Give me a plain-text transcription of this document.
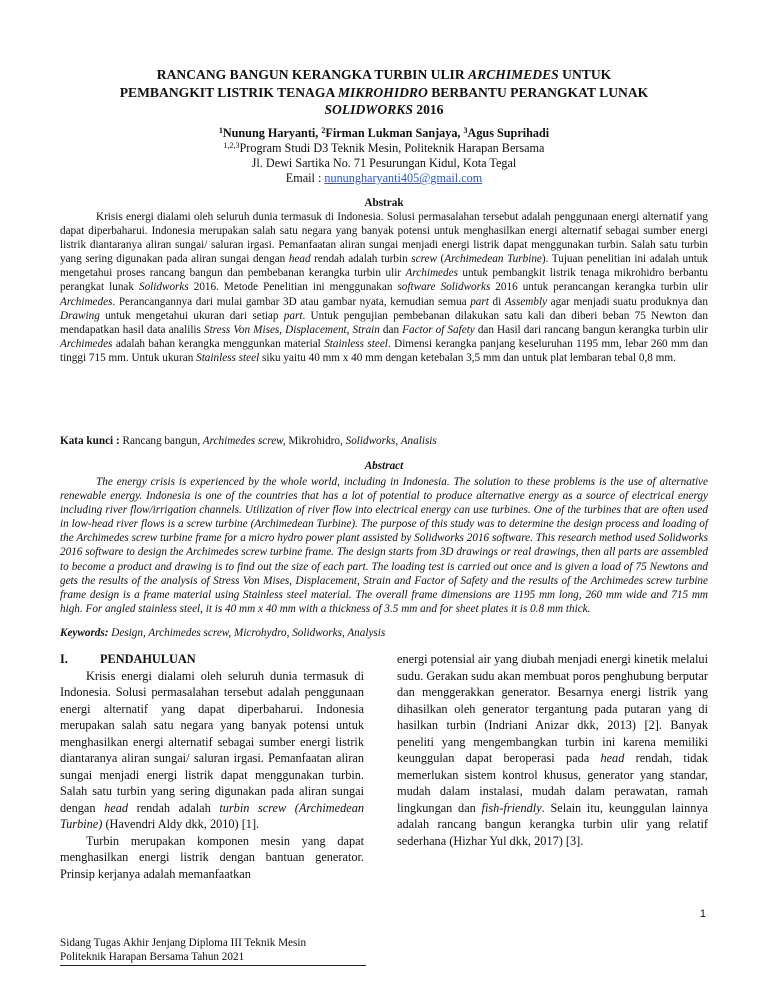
RANCANG BANGUN KERANGKA TURBIN ULIR ARCHIMEDES UNTUK
PEMBANGKIT LISTRIK TENAGA MIKROHIDRO BERBANTU PERANGKAT LUNAK
SOLIDWORKS 2016
$^1$Nunung Haryanti, $^2$Firman Lukman Sanjaya, $^3$Agus Suprihadi
$^{1,2,3}$Program Studi D3 Teknik Mesin, Politeknik Harapan Bersama
Jl. Dewi Sartika No. 71 Pesurungan Kidul, Kota Tegal
Email : nunungharyanti405@gmail.com
Abstrak

Krisis energi dialami oleh seluruh dunia termasuk di Indonesia. Solusi permasalahan tersebut adalah penggunaan energi alternatif yang dapat diperbaharui. Indonesia merupakan salah satu negara yang banyak potensi untuk menghasilkan energi alternatif sebagai sumber energi listrik diantaranya aliran sungai/ saluran irgasi. Pemanfaatan aliran sungai menjadi energi listrik dapat menggunakan turbin. Salah satu turbin yang sering digunakan pada aliran sungai dengan head rendah adalah turbin screw (Archimedean Turbine). Tujuan penelitian ini adalah untuk mengetahui proses rancang bangun dan pembebanan kerangka turbin ulir Archimedes untuk pembangkit listrik tenaga mikrohidro berbantu perangkat lunak Solidworks 2016. Metode Penelitian ini menggunakan software Solidworks 2016 untuk perancangan kerangka turbin ulir Archimedes. Perancangannya dari mulai gambar 3D atau gambar nyata, kemudian semua part di Assembly agar menjadi suatu produknya dan Drawing untuk mengetahui ukuran dari setiap part. Untuk pengujian pembebanan dilakukan satu kali dan diberi beban 75 Newton dan mendapatkan hasil data analilis Stress Von Mises, Displacement, Strain dan Factor of Safety dan Hasil dari rancang bangun kerangka turbin ulir Archimedes adalah bahan kerangka menggunkan material Stainless steel. Dimensi kerangka panjang keseluruhan 1195 mm, lebar 260 mm dan tinggi 715 mm. Untuk ukuran Stainless steel siku yaitu 40 mm x 40 mm dengan ketebalan 3,5 mm dan untuk plat lembaran tebal 0,8 mm.

Kata kunci : Rancang bangun, Archimedes screw, Mikrohidro, Solidworks, Analisis
Abstract

The energy crisis is experienced by the whole world, including in Indonesia. The solution to these problems is the use of alternative renewable energy. Indonesia is one of the countries that has a lot of potential to produce alternative energy as a source of electrical energy including river flow/irrigation channels. Utilization of river flow into electrical energy can use turbines. One of the turbines that are often used in low-head river flows is a screw turbine (Archimedean Turbine). The purpose of this study was to determine the design process and loading of the Archimedes screw turbine frame for a micro hydro power plant assisted by Solidworks 2016 software. This research method used Solidworks 2016 software to design the Archimedes screw turbine frame. The design starts from 3D drawings or real drawings, then all parts are assembled to become a product and drawing is to find out the size of each part. The loading test is carried out once and is given a load of 75 Newtons and gets the results of the analysis of Stress Von Mises, Displacement, Strain and Factor of Safety and the results of the Archimedes screw turbine frame design is a frame material using Stainless steel material. The overall frame dimensions are 1195 mm long, 260 mm wide and 715 mm high. For angled stainless steel, it is 40 mm x 40 mm with a thickness of 3.5 mm and for sheet plates it is 0.8 mm thick.

Keywords: Design, Archimedes screw, Microhydro, Solidworks, Analysis

I.	PENDAHULUAN

Krisis energi dialami oleh seluruh dunia termasuk di Indonesia. Solusi permasalahan tersebut adalah penggunaan energi alternatif yang dapat diperbaharui. Indonesia merupakan salah satu negara yang banyak potensi untuk menghasilkan energi alternatif sebagai sumber energi listrik diantaranya aliran sungai/ saluran irgasi. Pemanfaatan aliran sungai menjadi energi listrik dapat menggunakan turbin. Salah satu turbin yang sering digunakan pada aliran sungai dengan head rendah adalah turbin screw (Archimedean Turbine) (Havendri Aldy dkk, 2010) [1].

Turbin merupakan komponen mesin yang dapat menghasilkan energi listrik dengan bantuan generator. Prinsip kerjanya adalah memanfaatkan

energi potensial air yang diubah menjadi energi kinetik melalui sudu. Gerakan sudu akan membuat poros penghubung berputar dan menggerakkan generator. Besarnya energi listrik yang dihasilkan oleh generator tergantung pada putaran yang di hasilkan turbin (Indriani Anizar dkk, 2013) [2]. Banyak peneliti yang mengembangkan turbin ini karena memiliki keunggulan dapat beroperasi pada head rendah, tidak memerlukan sistem kontrol khusus, generator yang standar, mudah dalam instalasi, mudah dalam perawatan, ramah lingkungan dan fish-friendly. Selain itu, keunggulan lainnya adalah rancang bangun kerangka turbin ulir yang relatif sederhana (Hizhar Yul dkk, 2017) [3].

1
Sidang Tugas Akhir Jenjang Diploma III Teknik Mesin
Politeknik Harapan Bersama Tahun 2021
